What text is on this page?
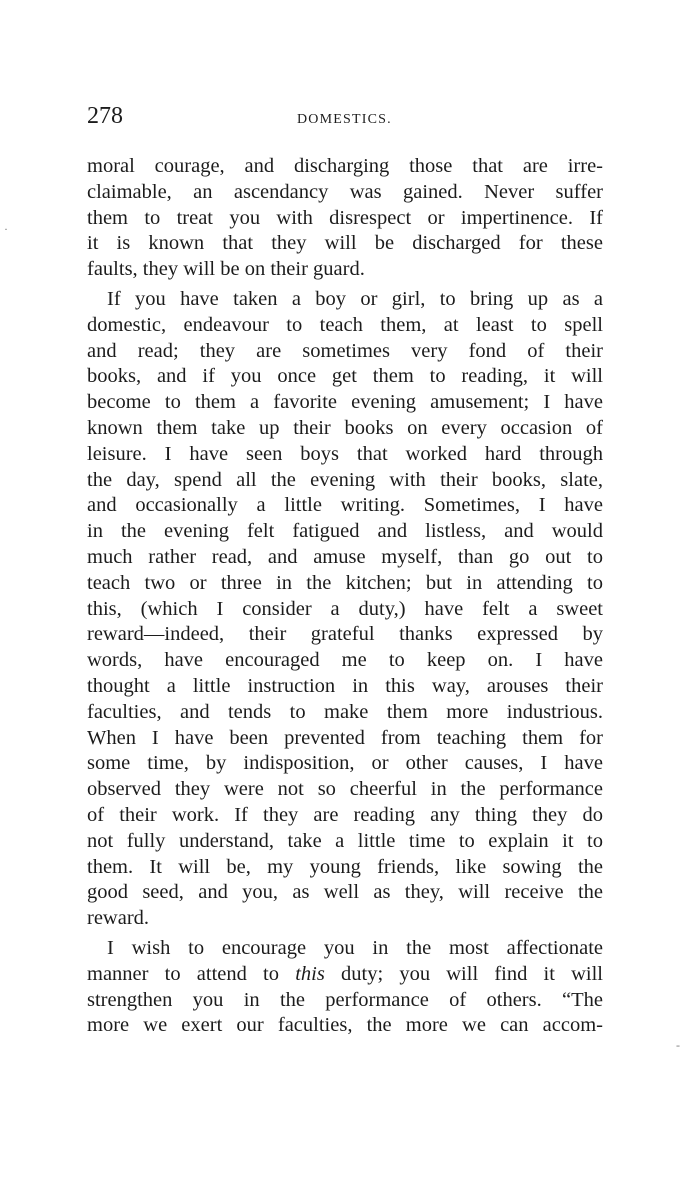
278	DOMESTICS.
moral courage, and discharging those that are irre-
claimable, an ascendancy was gained. Never suffer
them to treat you with disrespect or impertinence. If
it is known that they will be discharged for these
faults, they will be on their guard.
If you have taken a boy or girl, to bring up as a
domestic, endeavour to teach them, at least to spell
and read; they are sometimes very fond of their
books, and if you once get them to reading, it will
become to them a favorite evening amusement; I have
known them take up their books on every occasion of
leisure. I have seen boys that worked hard through
the day, spend all the evening with their books, slate,
and occasionally a little writing. Sometimes, I have
in the evening felt fatigued and listless, and would
much rather read, and amuse myself, than go out to
teach two or three in the kitchen; but in attending to
this, (which I consider a duty,) have felt a sweet
reward—indeed, their grateful thanks expressed by
words, have encouraged me to keep on. I have
thought a little instruction in this way, arouses their
faculties, and tends to make them more industrious.
When I have been prevented from teaching them for
some time, by indisposition, or other causes, I have
observed they were not so cheerful in the performance
of their work. If they are reading any thing they do
not fully understand, take a little time to explain it to
them. It will be, my young friends, like sowing the
good seed, and you, as well as they, will receive the
reward.
I wish to encourage you in the most affectionate
manner to attend to this duty; you will find it will
strengthen you in the performance of others. “The
more we exert our faculties, the more we can accom-
·
-
